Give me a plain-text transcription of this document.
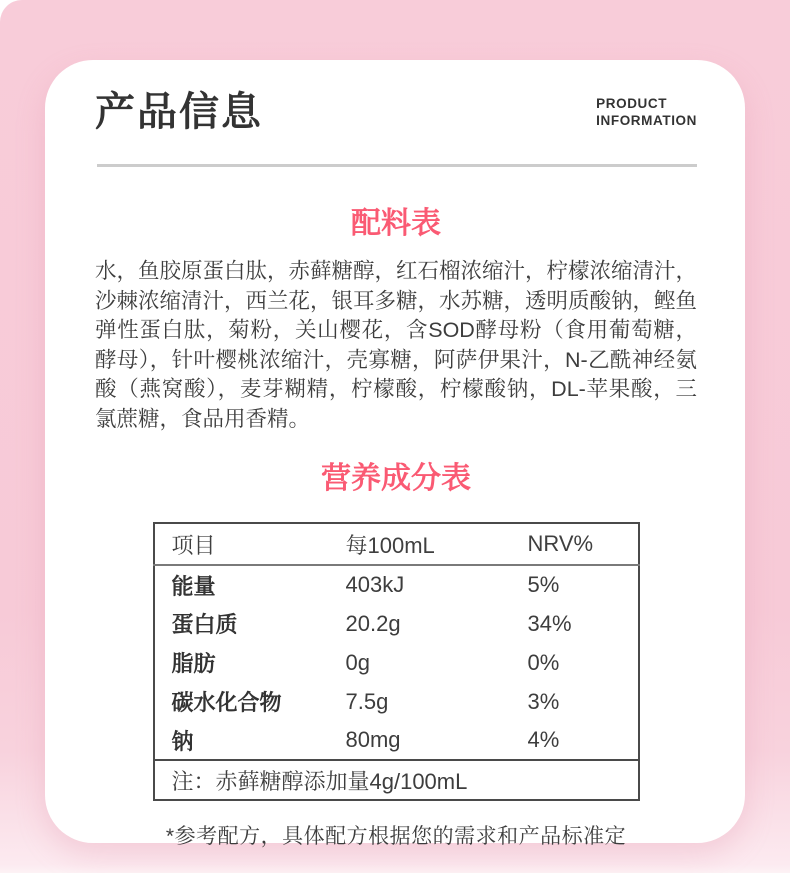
产品信息	PRODUCT
INFORMATION
配料表

水，鱼胶原蛋白肽，赤藓糖醇，红石榴浓缩汁，柠檬浓缩清汁，沙棘浓缩清汁，西兰花，银耳多糖，水苏糖，透明质酸钠，鲣鱼弹性蛋白肽，菊粉，关山樱花，含SOD酵母粉（食用葡萄糖，酵母），针叶樱桃浓缩汁，壳寡糖，阿萨伊果汁，N-乙酰神经氨酸（燕窝酸），麦芽糊精，柠檬酸，柠檬酸钠，DL-苹果酸，三氯蔗糖，食品用香精。

营养成分表
项目	每100mL	NRV%
能量	403kJ	5%
蛋白质	20.2g	34%
脂肪	0g	0%
碳水化合物	7.5g	3%
钠	80mg	4%
注：赤藓糖醇添加量4g/100mL		

*参考配方，具体配方根据您的需求和产品标准定
